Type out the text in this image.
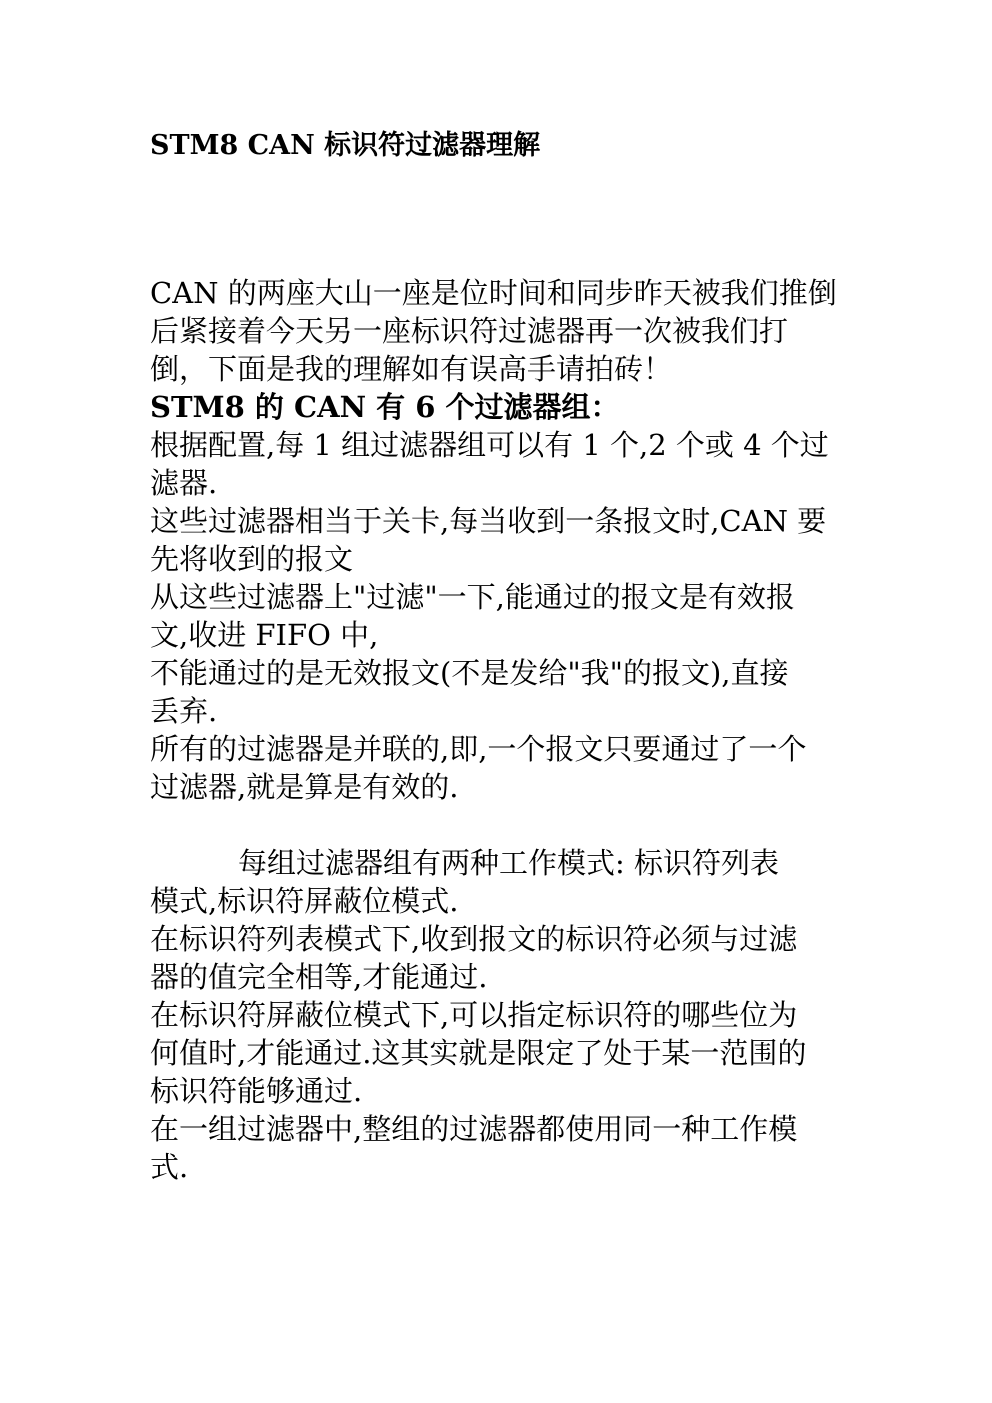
STM8 CAN 标识符过滤器理解

CAN 的两座大山一座是位时间和同步昨天被我们推倒

后紧接着今天另一座标识符过滤器再一次被我们打

倒，下面是我的理解如有误高手请拍砖！

STM8 的 CAN 有 6 个过滤器组：

根据配置,每 1 组过滤器组可以有 1 个,2 个或 4 个过

滤器.

这些过滤器相当于关卡,每当收到一条报文时,CAN 要

先将收到的报文

从这些过滤器上"过滤"一下,能通过的报文是有效报

文,收进 FIFO 中,

不能通过的是无效报文(不是发给"我"的报文),直接

丢弃.

所有的过滤器是并联的,即,一个报文只要通过了一个

过滤器,就是算是有效的.

每组过滤器组有两种工作模式: 标识符列表

模式,标识符屏蔽位模式.

在标识符列表模式下,收到报文的标识符必须与过滤

器的值完全相等,才能通过.

在标识符屏蔽位模式下,可以指定标识符的哪些位为

何值时,才能通过.这其实就是限定了处于某一范围的

标识符能够通过.

在一组过滤器中,整组的过滤器都使用同一种工作模

式.
